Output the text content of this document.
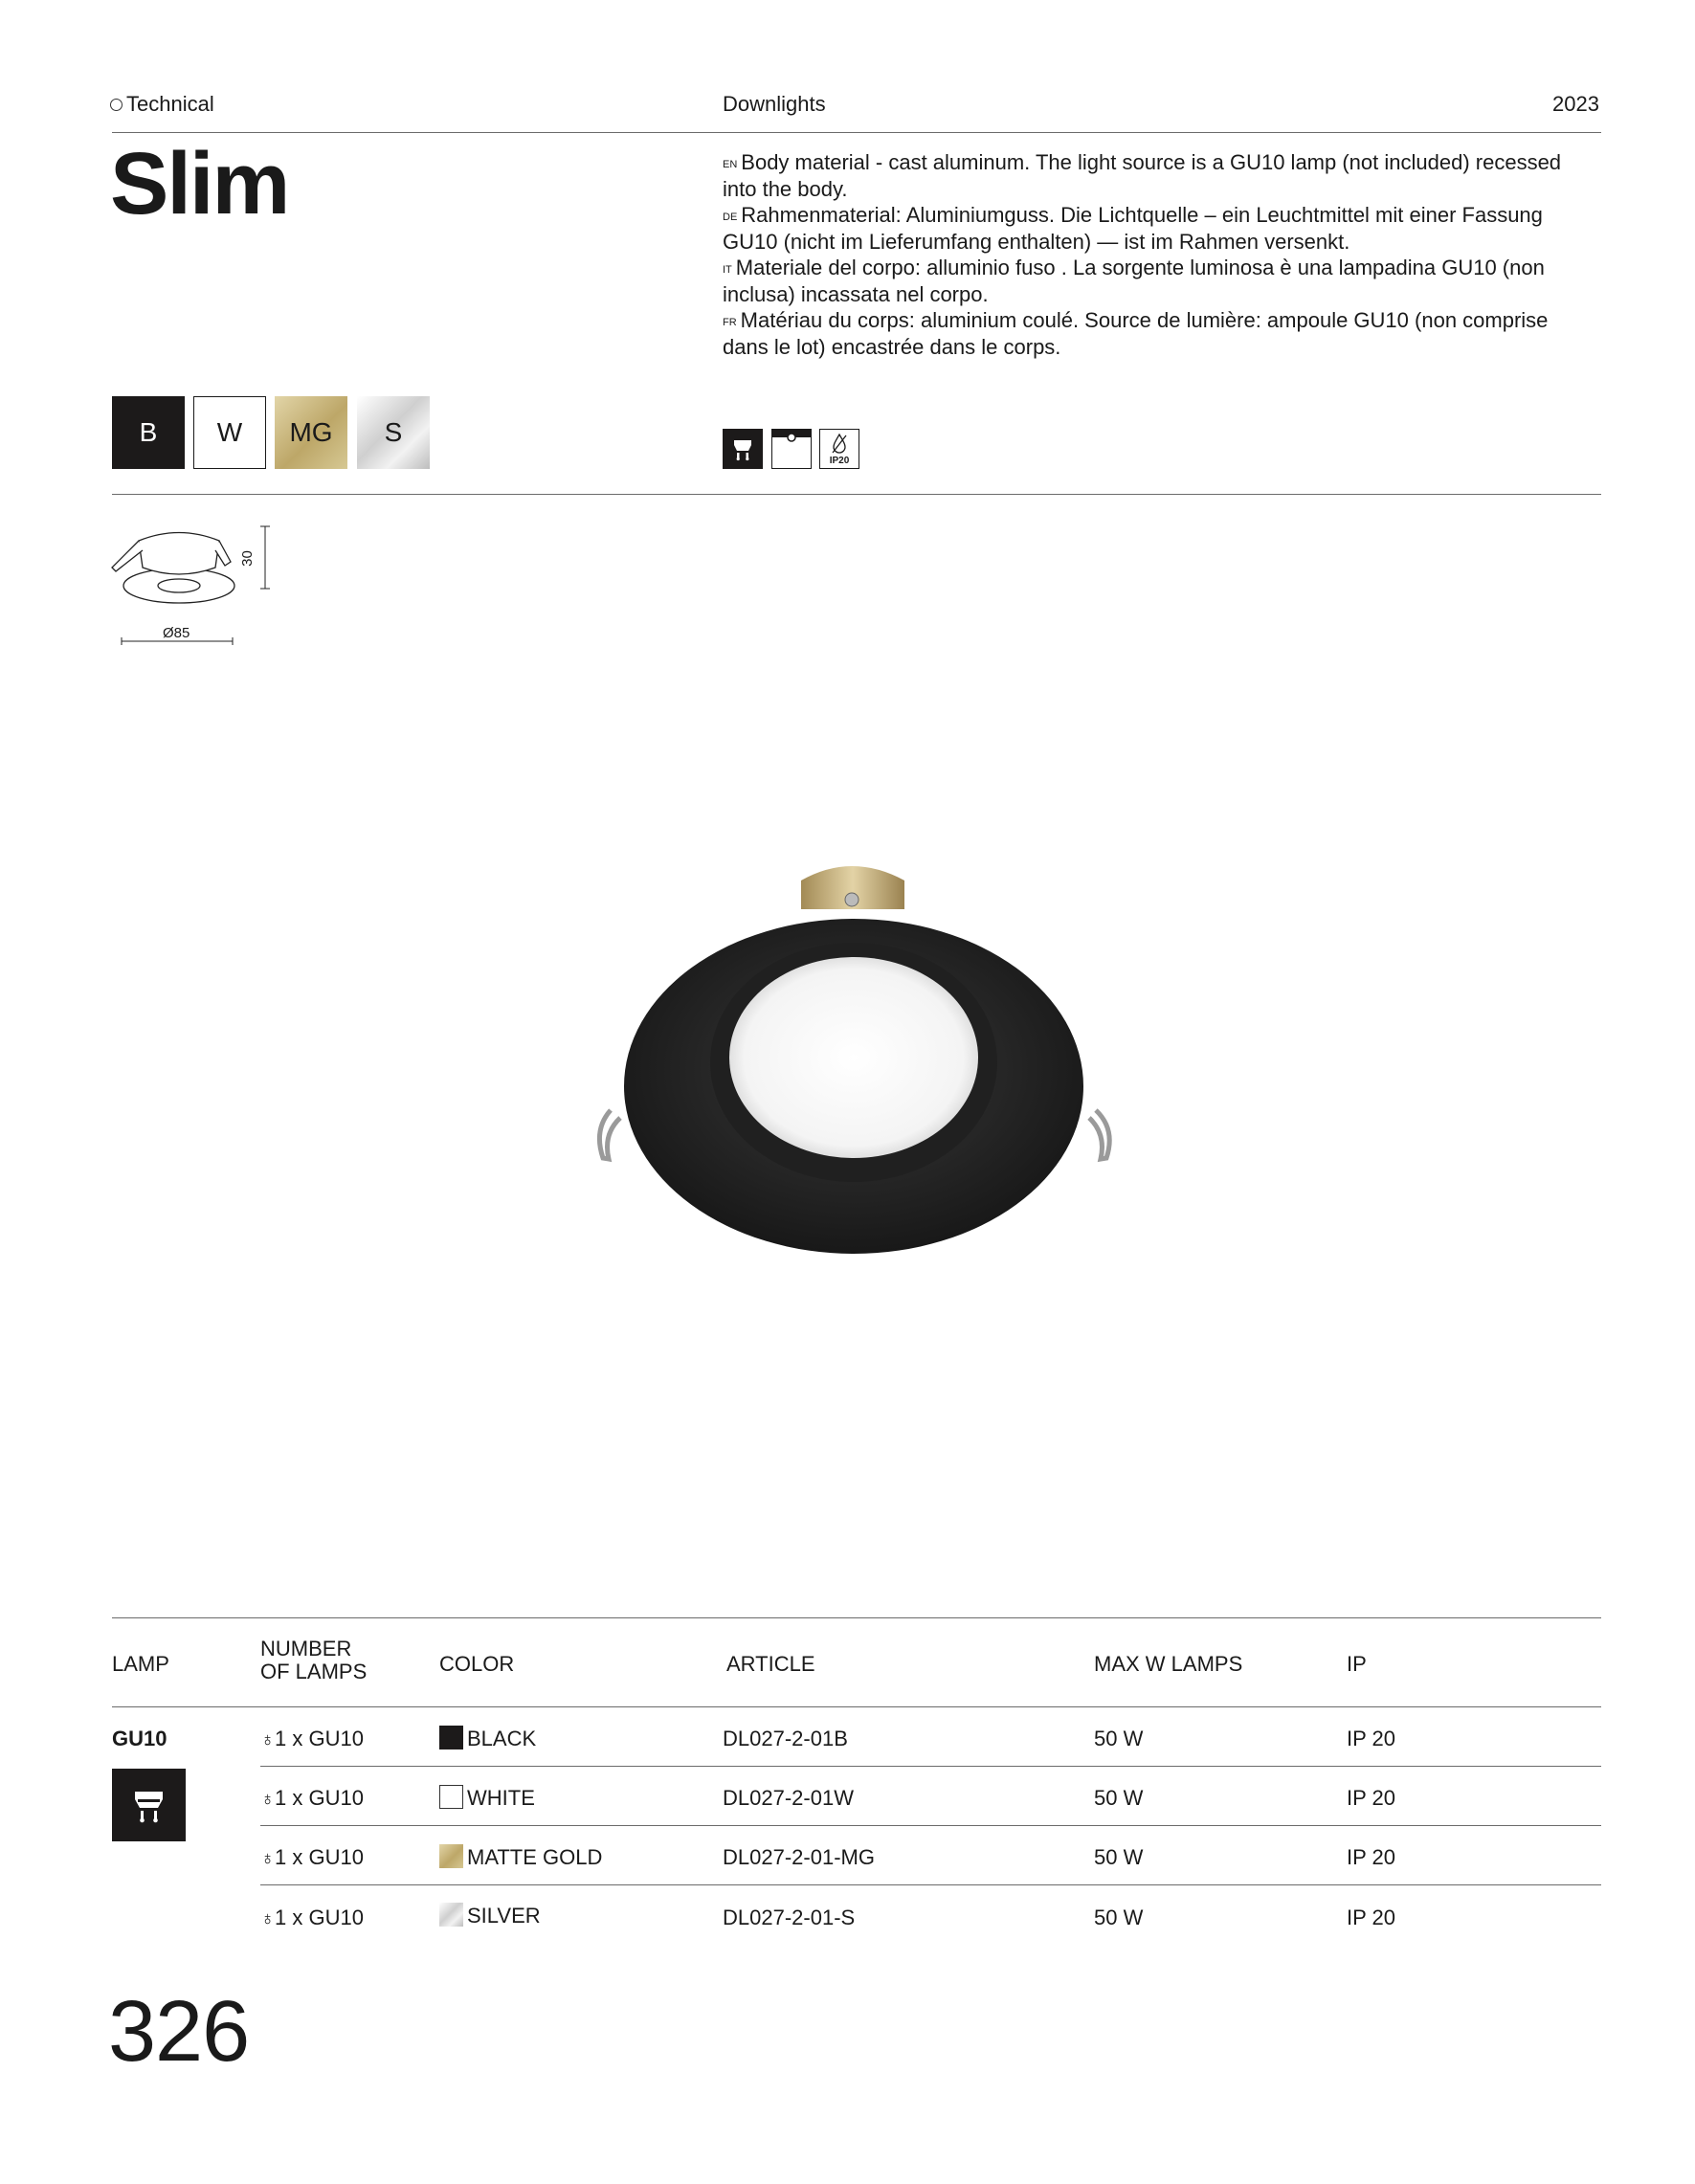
Technical	Downlights	2023
Slim	$^{EN}$ Body material - cast aluminum. The light source is a GU10 lamp (not included) recessed into the body.

$^{DE}$ Rahmenmaterial: Aluminiumguss. Die Lichtquelle – ein Leuchtmittel mit einer Fassung GU10 (nicht im Lieferumfang enthalten) — ist im Rahmen versenkt.

$^{IT}$ Materiale del corpo: alluminio fuso . La sorgente luminosa è una lampadina GU10 (non inclusa) incassata nel corpo.

$^{FR}$ Matériau du corps: aluminium coulé. Source de lumière: ampoule GU10 (non comprise dans le lot) encastrée dans le corps.

B	W	MG	S
IP20
30
Ø85
LAMP
NUMBER
OF LAMPS	COLOR	ARTICLE	MAX W LAMPS	IP
GU10	♁1 x GU10	BLACK	DL027-2-01B	50 W	IP 20
♁1 x GU10	WHITE	DL027-2-01W	50 W	IP 20
♁1 x GU10	MATTE GOLD	DL027-2-01-MG	50 W	IP 20
♁1 x GU10	SILVER	DL027-2-01-S	50 W	IP 20
326
